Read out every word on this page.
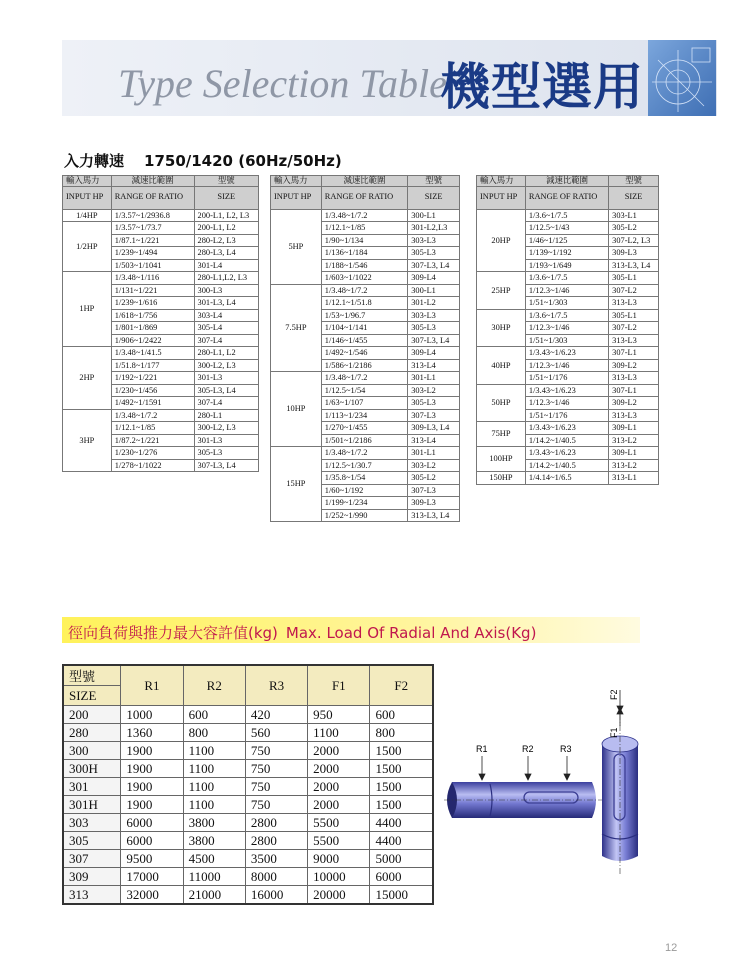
Type Selection Table
機型選用
入力轉速 1750/1420 (60Hz/50Hz)
輸入馬力	減速比範圍	型號
INPUT HP	RANGE OF RATIO	SIZE
1/4HP	1/3.57~1/2936.8	200-L1, L2, L3
1/2HP	1/3.57~1/73.7	200-L1, L2
	1/87.1~1/221	280-L2, L3
	1/239~1/494	280-L3, L4
	1/503~1/1041	301-L4
1HP	1/3.48~1/116	280-L1,L2, L3
	1/131~1/221	300-L3
	1/239~1/616	301-L3, L4
	1/618~1/756	303-L4
	1/801~1/869	305-L4
	1/906~1/2422	307-L4
2HP	1/3.48~1/41.5	280-L1, L2
	1/51.8~1/177	300-L2, L3
	1/192~1/221	301-L3
	1/230~1/456	305-L3, L4
	1/492~1/1591	307-L4
3HP	1/3.48~1/7.2	280-L1
	1/12.1~1/85	300-L2, L3
	1/87.2~1/221	301-L3
	1/230~1/276	305-L3
	1/278~1/1022	307-L3, L4
輸入馬力	減速比範圍	型號
INPUT HP	RANGE OF RATIO	SIZE
5HP	1/3.48~1/7.2	300-L1
	1/12.1~1/85	301-L2,L3
	1/90~1/134	303-L3
	1/136~1/184	305-L3
	1/188~1/546	307-L3, L4
	1/603~1/1022	309-L4
7.5HP	1/3.48~1/7.2	300-L1
	1/12.1~1/51.8	301-L2
	1/53~1/96.7	303-L3
	1/104~1/141	305-L3
	1/146~1/455	307-L3, L4
	1/492~1/546	309-L4
	1/586~1/2186	313-L4
10HP	1/3.48~1/7.2	301-L1
	1/12.5~1/54	303-L2
	1/63~1/107	305-L3
	1/113~1/234	307-L3
	1/270~1/455	309-L3, L4
	1/501~1/2186	313-L4
15HP	1/3.48~1/7.2	301-L1
	1/12.5~1/30.7	303-L2
	1/35.8~1/54	305-L2
	1/60~1/192	307-L3
	1/199~1/234	309-L3
	1/252~1/990	313-L3, L4
輸入馬力	減速比範圍	型號
INPUT HP	RANGE OF RATIO	SIZE
20HP	1/3.6~1/7.5	303-L1
	1/12.5~1/43	305-L2
	1/46~1/125	307-L2, L3
	1/139~1/192	309-L3
	1/193~1/649	313-L3, L4
25HP	1/3.6~1/7.5	305-L1
	1/12.3~1/46	307-L2
	1/51~1/303	313-L3
30HP	1/3.6~1/7.5	305-L1
	1/12.3~1/46	307-L2
	1/51~1/303	313-L3
40HP	1/3.43~1/6.23	307-L1
	1/12.3~1/46	309-L2
	1/51~1/176	313-L3
50HP	1/3.43~1/6.23	307-L1
	1/12.3~1/46	309-L2
	1/51~1/176	313-L3
75HP	1/3.43~1/6.23	309-L1
	1/14.2~1/40.5	313-L2
100HP	1/3.43~1/6.23	309-L1
	1/14.2~1/40.5	313-L2
150HP	1/4.14~1/6.5	313-L1
徑向負荷與推力最大容許值(kg) Max. Load Of Radial And Axis(Kg)
型號	R1	R2	R3	F1	F2
SIZE					
200	1000	600	420	950	600
280	1360	800	560	1100	800
300	1900	1100	750	2000	1500
300H	1900	1100	750	2000	1500
301	1900	1100	750	2000	1500
301H	1900	1100	750	2000	1500
303	6000	3800	2800	5500	4400
305	6000	3800	2800	5500	4400
307	9500	4500	3500	9000	5000
309	17000	11000	8000	10000	6000
313	32000	21000	16000	20000	15000
R1	R2	R3
F2
F1
12
